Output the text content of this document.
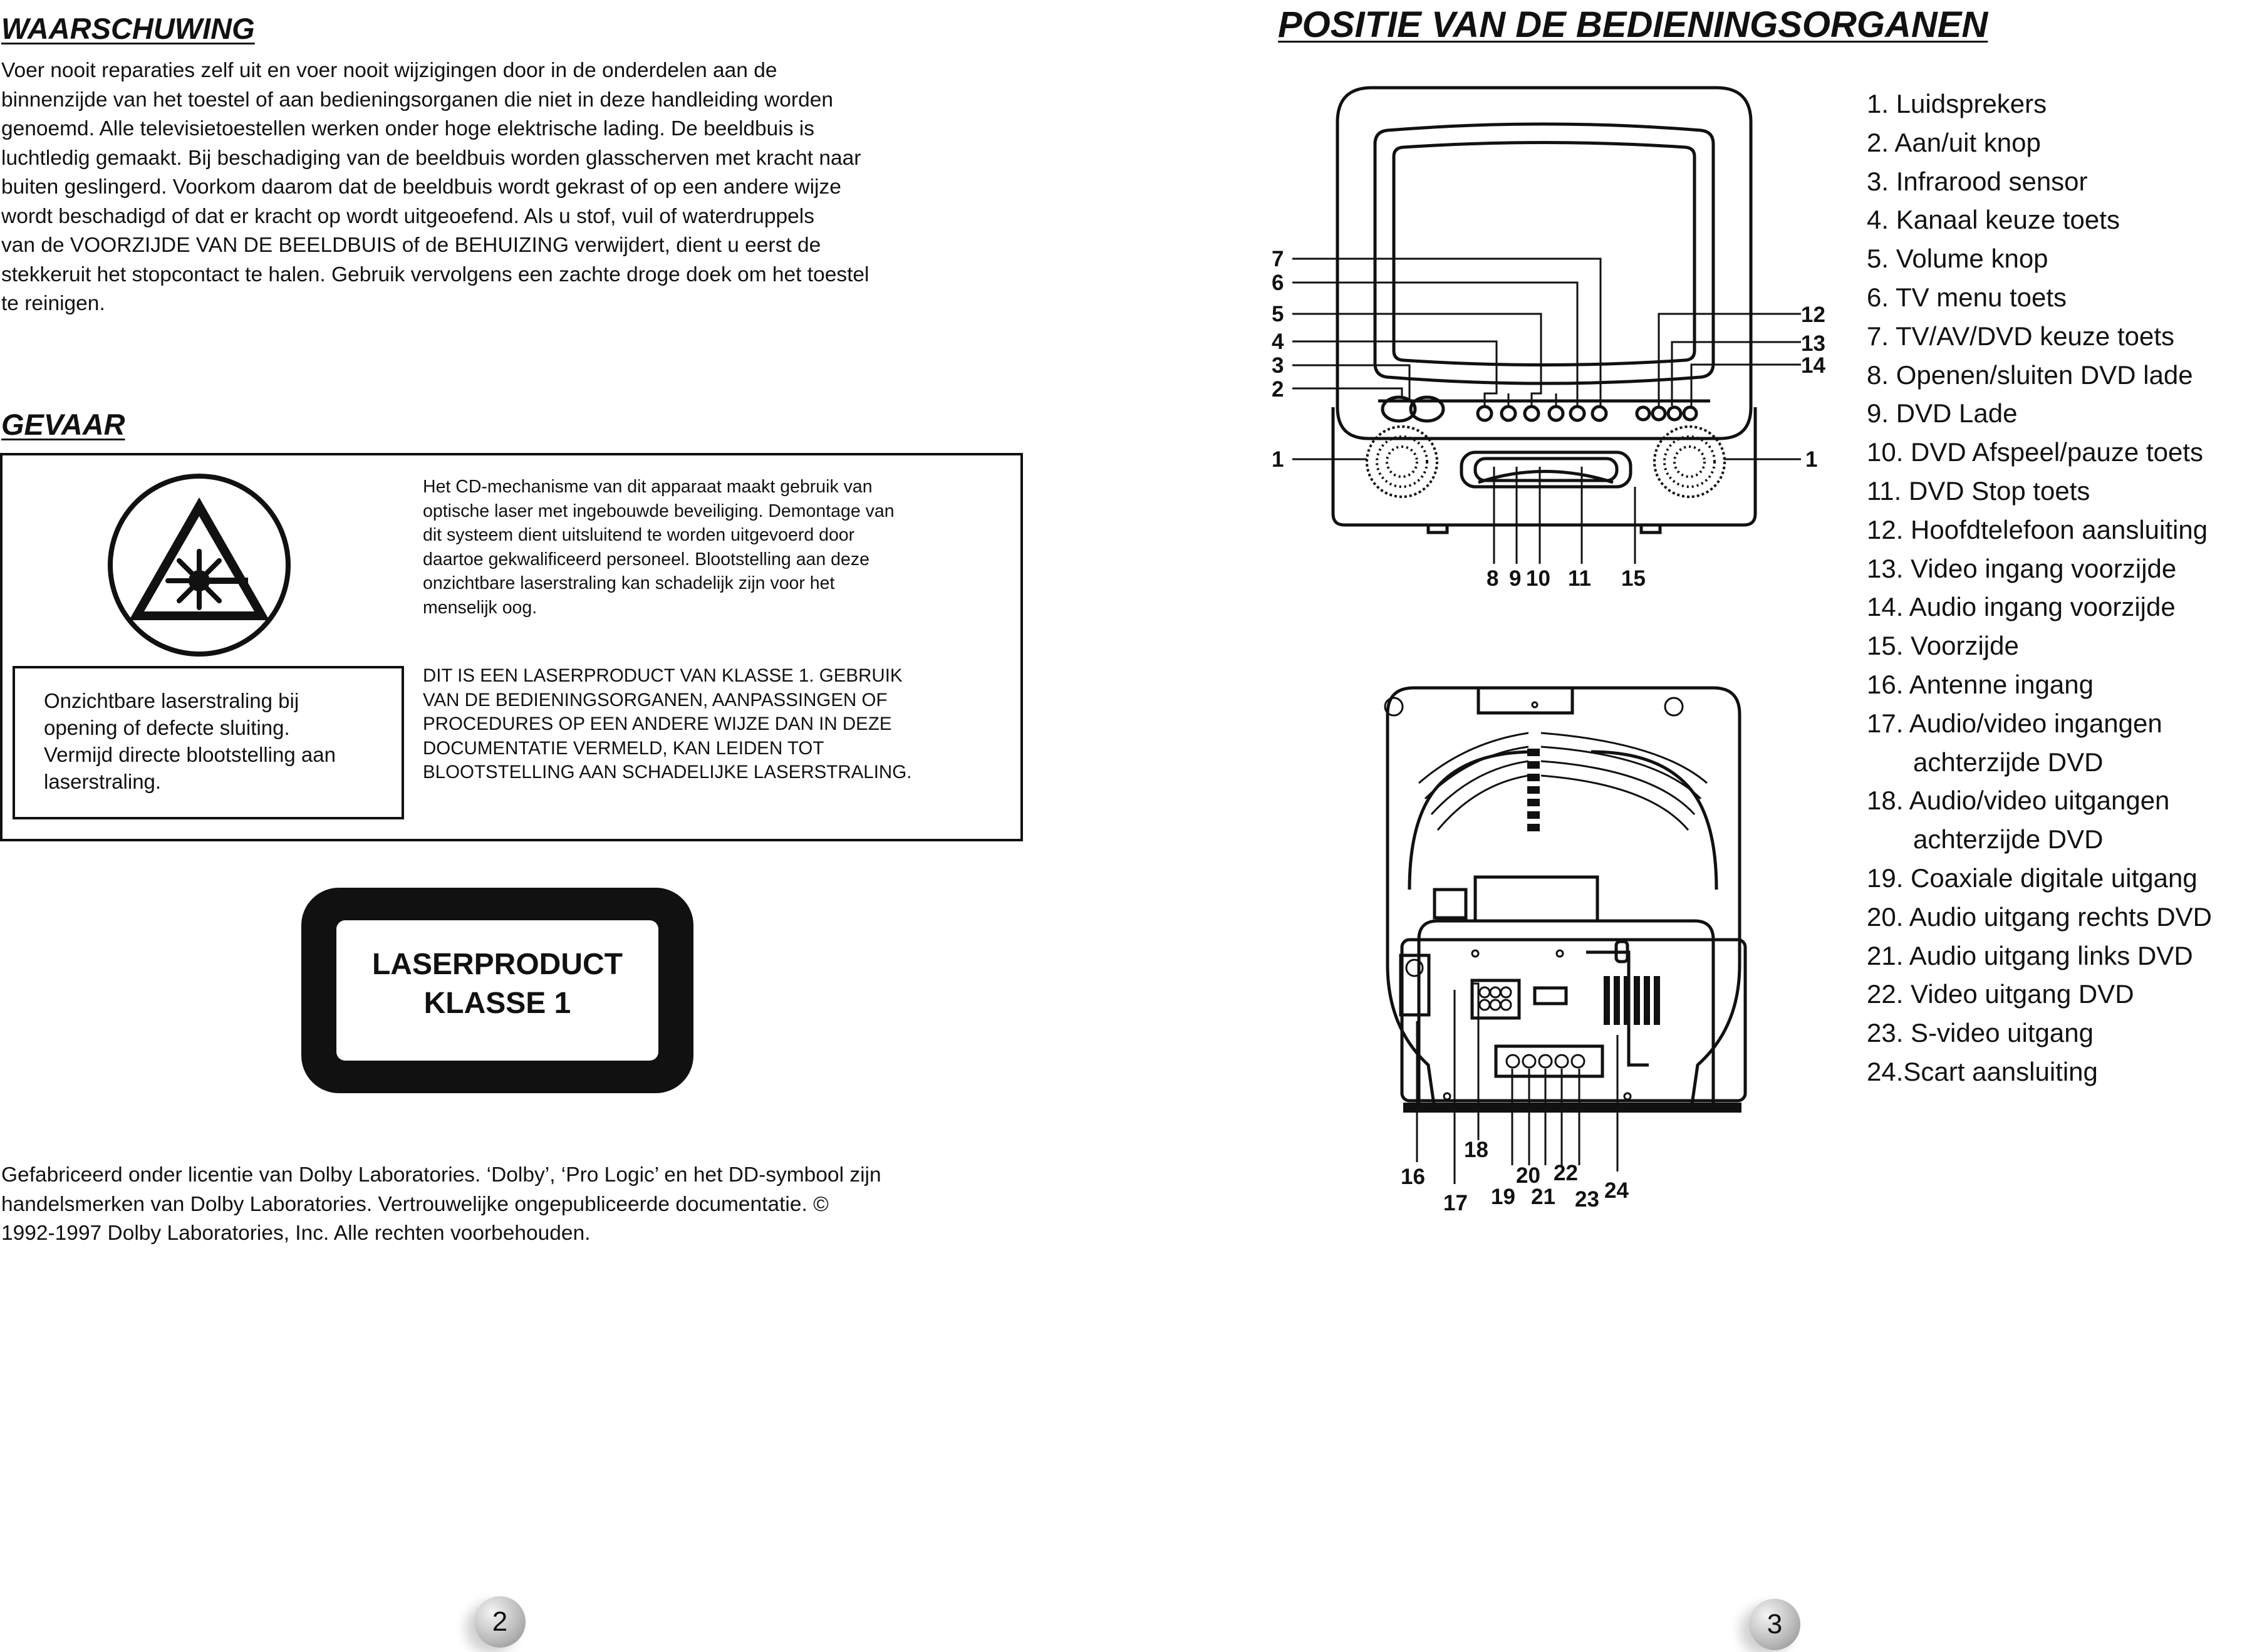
WAARSCHUWING
Voer nooit reparaties zelf uit en voer nooit wijzigingen door in de onderdelen aan de
binnenzijde van het toestel of aan bedieningsorganen die niet in deze handleiding worden
genoemd. Alle televisietoestellen werken onder hoge elektrische lading. De beeldbuis is
luchtledig gemaakt. Bij beschadiging van de beeldbuis worden glasscherven met kracht naar
buiten geslingerd. Voorkom daarom dat de beeldbuis wordt gekrast of op een andere wijze
wordt beschadigd of dat er kracht op wordt uitgeoefend. Als u stof, vuil of waterdruppels
van de VOORZIJDE VAN DE BEELDBUIS of de BEHUIZING verwijdert, dient u eerst de
stekkeruit het stopcontact te halen. Gebruik vervolgens een zachte droge doek om het toestel
te reinigen.
GEVAAR
Het CD-mechanisme van dit apparaat maakt gebruik van
optische laser met ingebouwde beveiliging. Demontage van
dit systeem dient uitsluitend te worden uitgevoerd door
daartoe gekwalificeerd personeel. Blootstelling aan deze
onzichtbare laserstraling kan schadelijk zijn voor het
menselijk oog.
Onzichtbare laserstraling bij
opening of defecte sluiting.
Vermijd directe blootstelling aan
laserstraling.
DIT IS EEN LASERPRODUCT VAN KLASSE 1. GEBRUIK
VAN DE BEDIENINGSORGANEN, AANPASSINGEN OF
PROCEDURES OP EEN ANDERE WIJZE DAN IN DEZE
DOCUMENTATIE VERMELD, KAN LEIDEN TOT
BLOOTSTELLING AAN SCHADELIJKE LASERSTRALING.
LASERPRODUCT
KLASSE 1
Gefabriceerd onder licentie van Dolby Laboratories. ‘Dolby’, ‘Pro Logic’ en het DD-symbool zijn
handelsmerken van Dolby Laboratories. Vertrouwelijke ongepubliceerde documentatie. ©
1992-1997 Dolby Laboratories, Inc. Alle rechten voorbehouden.
2
POSITIE VAN DE BEDIENINGSORGANEN
7
6
5
4
3
2
1	1
12
13
14
8 9 10 11 15
16
17
18
19
20
21
22
23 24
1. Luidsprekers
2. Aan/uit knop
3. Infrarood sensor
4. Kanaal keuze toets
5. Volume knop
6. TV menu toets
7. TV/AV/DVD keuze toets
8. Openen/sluiten DVD lade
9. DVD Lade
10. DVD Afspeel/pauze toets
11. DVD Stop toets
12. Hoofdtelefoon aansluiting
13. Video ingang voorzijde
14. Audio ingang voorzijde
15. Voorzijde
16. Antenne ingang
17. Audio/video ingangen
achterzijde DVD
18. Audio/video uitgangen
achterzijde DVD
19. Coaxiale digitale uitgang
20. Audio uitgang rechts DVD
21. Audio uitgang links DVD
22. Video uitgang DVD
23. S-video uitgang
24.Scart aansluiting
3
